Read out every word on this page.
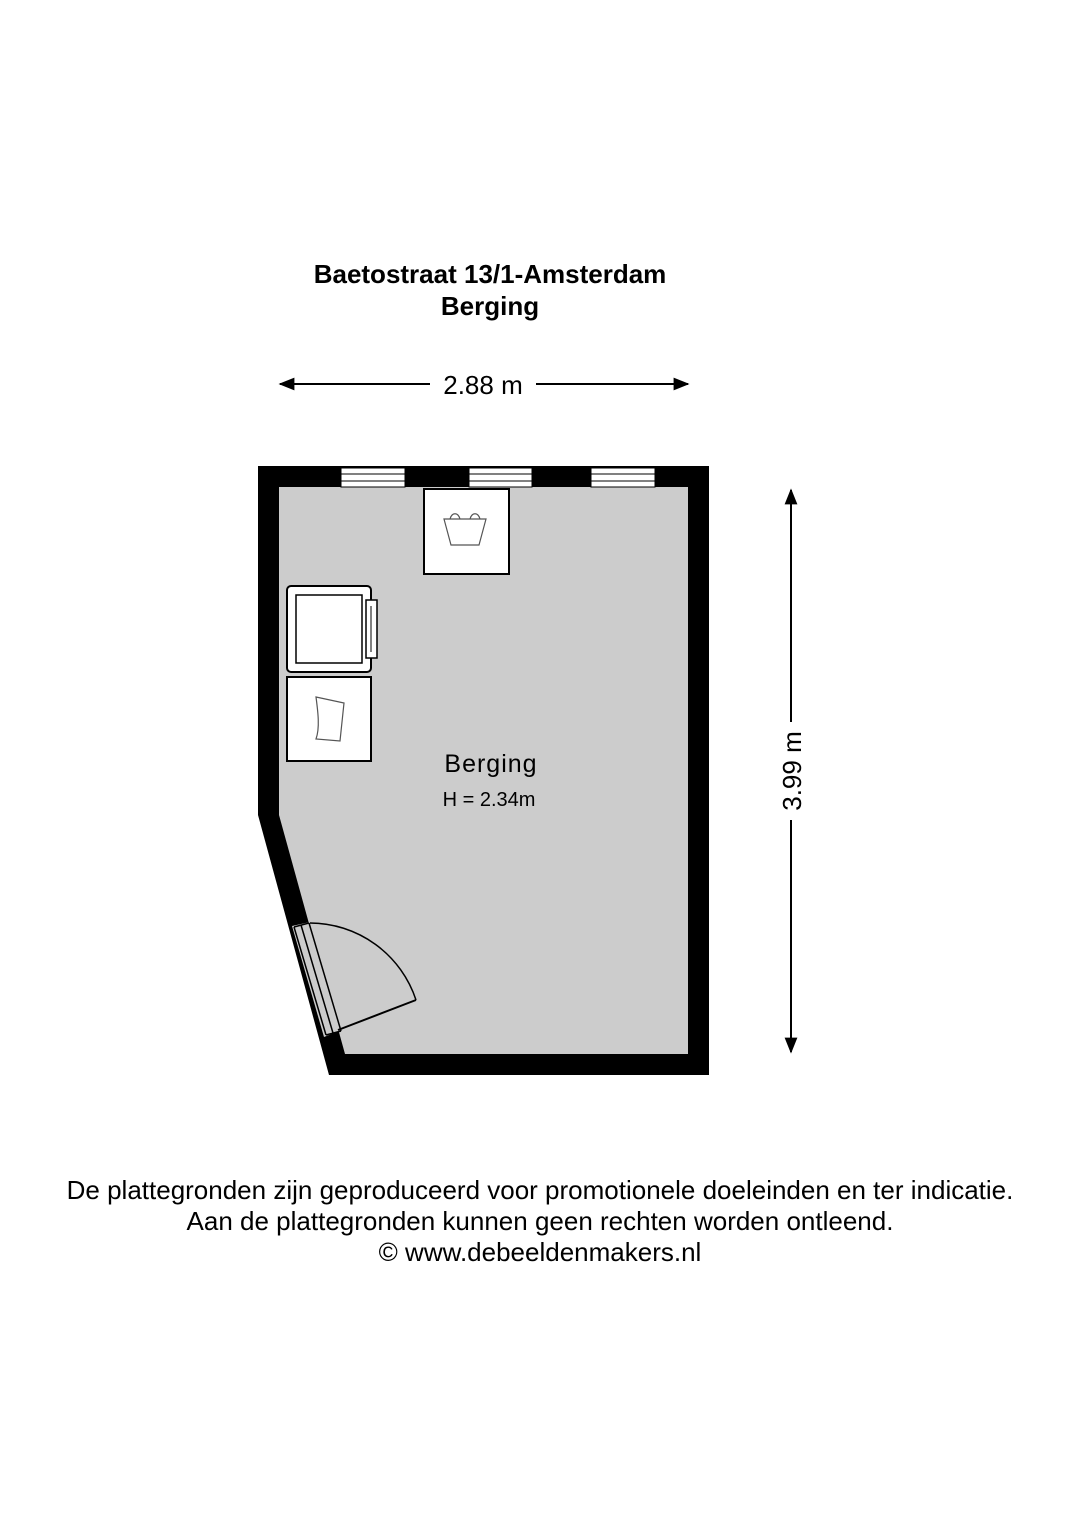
Baetostraat 13/1-Amsterdam
Berging
2.88 m
3.99 m
Berging
H = 2.34m
De plattegronden zijn geproduceerd voor promotionele doeleinden en ter indicatie.
Aan de plattegronden kunnen geen rechten worden ontleend.
© www.debeeldenmakers.nl
